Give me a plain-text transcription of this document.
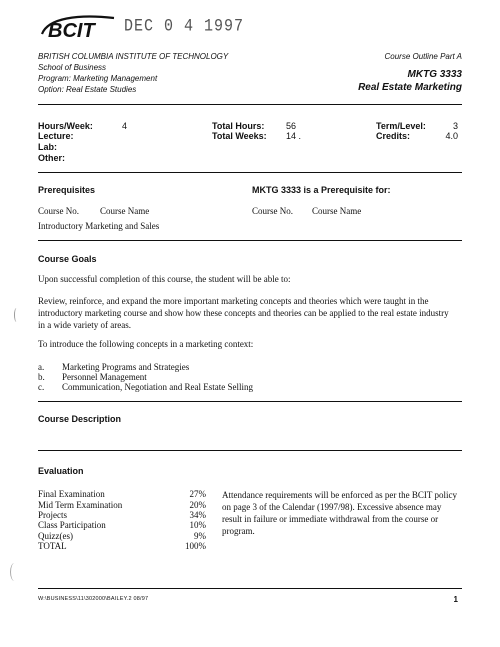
BCIT DEC 0 4 1997
BRITISH COLUMBIA INSTITUTE OF TECHNOLOGY	Course Outline Part A
School of Business
Program: Marketing Management
Option: Real Estate Studies
MKTG 3333
Real Estate Marketing
Hours/Week:	4
Lecture:
Lab:
Other:
Total Hours: 56
Total Weeks: 14 .
Term/Level:	3
Credits:	4.0
Prerequisites	MKTG 3333 is a Prerequisite for:
Course No. Course Name	Course No. Course Name
Introductory Marketing and Sales
Course Goals
Upon successful completion of this course, the student will be able to:
Review, reinforce, and expand the more important marketing concepts and theories which were taught in the
introductory marketing course and show how these concepts and theories can be applied to the real estate industry
in a wide variety of areas.
To introduce the following concepts in a marketing context:
a. Marketing Programs and Strategies
b. Personnel Management
c. Communication, Negotiation and Real Estate Selling
Course Description
Evaluation
Final Examination	27%
Mid Term Examination	20%
Projects	34%
Class Participation	10%
Quizz(es)	9%
TOTAL	100%
Attendance requirements will be enforced as per the BCIT policy
on page 3 of the Calendar (1997/98). Excessive absence may
result in failure or immediate withdrawal from the course or
program.
W:\BUSINESS\11\302000\BAILEY.2 08/97	1
